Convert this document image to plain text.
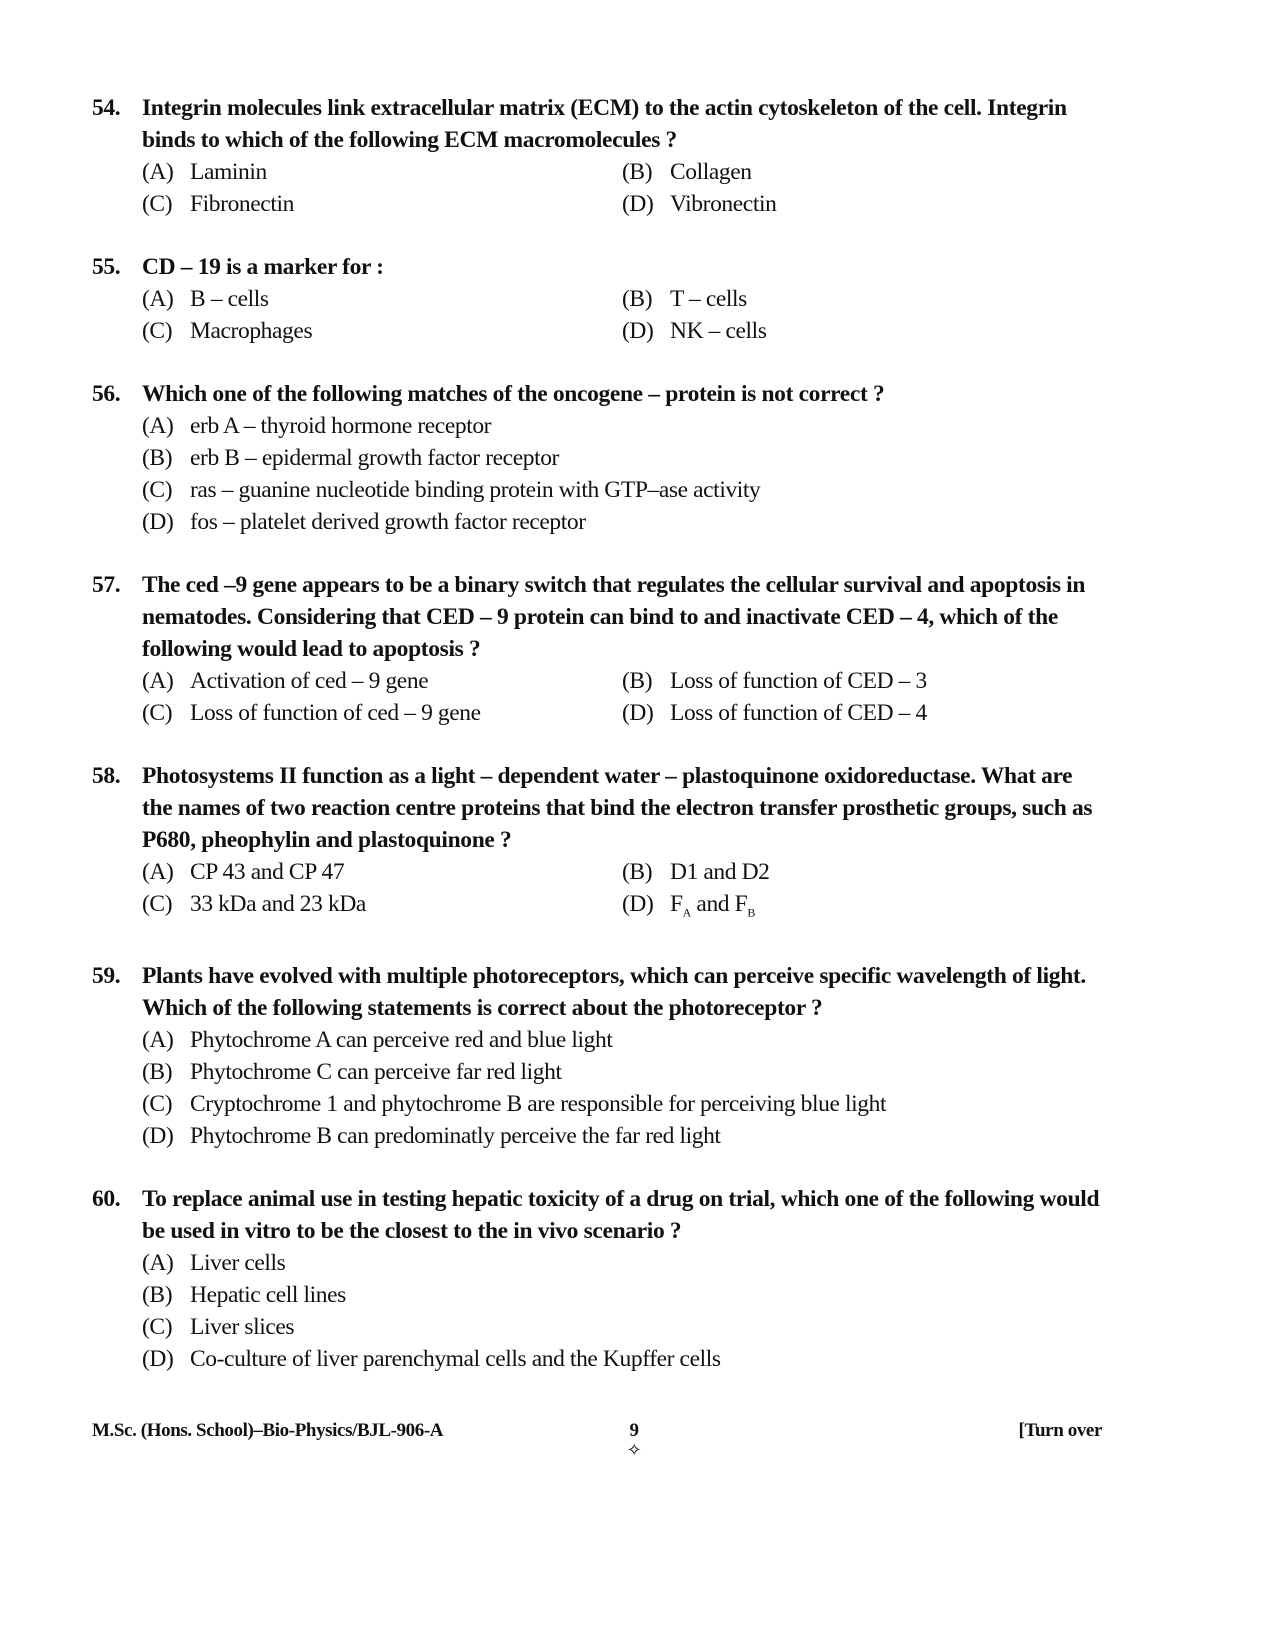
54. Integrin molecules link extracellular matrix (ECM) to the actin cytoskeleton of the cell. Integrin binds to which of the following ECM macromolecules ?
(A) Laminin	(B) Collagen
(C) Fibronectin	(D) Vibronectin
55. CD – 19 is a marker for :
(A) B – cells	(B) T – cells
(C) Macrophages	(D) NK – cells
56. Which one of the following matches of the oncogene – protein is not correct ?
(A) erb A – thyroid hormone receptor
(B) erb B – epidermal growth factor receptor
(C) ras – guanine nucleotide binding protein with GTP–ase activity
(D) fos – platelet derived growth factor receptor
57. The ced –9 gene appears to be a binary switch that regulates the cellular survival and apoptosis in nematodes. Considering that CED – 9 protein can bind to and inactivate CED – 4, which of the following would lead to apoptosis ?
(A) Activation of ced – 9 gene	(B) Loss of function of CED – 3
(C) Loss of function of ced – 9 gene	(D) Loss of function of CED – 4
58. Photosystems II function as a light – dependent water – plastoquinone oxidoreductase. What are the names of two reaction centre proteins that bind the electron transfer prosthetic groups, such as P680, pheophylin and plastoquinone ?
(A) CP 43 and CP 47	(B) D1 and D2
(C) 33 kDa and 23 kDa	(D) $F_A$ and $F_B$
59. Plants have evolved with multiple photoreceptors, which can perceive specific wavelength of light. Which of the following statements is correct about the photoreceptor ?
(A) Phytochrome A can perceive red and blue light
(B) Phytochrome C can perceive far red light
(C) Cryptochrome 1 and phytochrome B are responsible for perceiving blue light
(D) Phytochrome B can predominatly perceive the far red light
60. To replace animal use in testing hepatic toxicity of a drug on trial, which one of the following would be used in vitro to be the closest to the in vivo scenario ?
(A) Liver cells
(B) Hepatic cell lines
(C) Liver slices
(D) Co-culture of liver parenchymal cells and the Kupffer cells
M.Sc. (Hons. School)–Bio-Physics/BJL-906-A	9
✧
[Turn over
